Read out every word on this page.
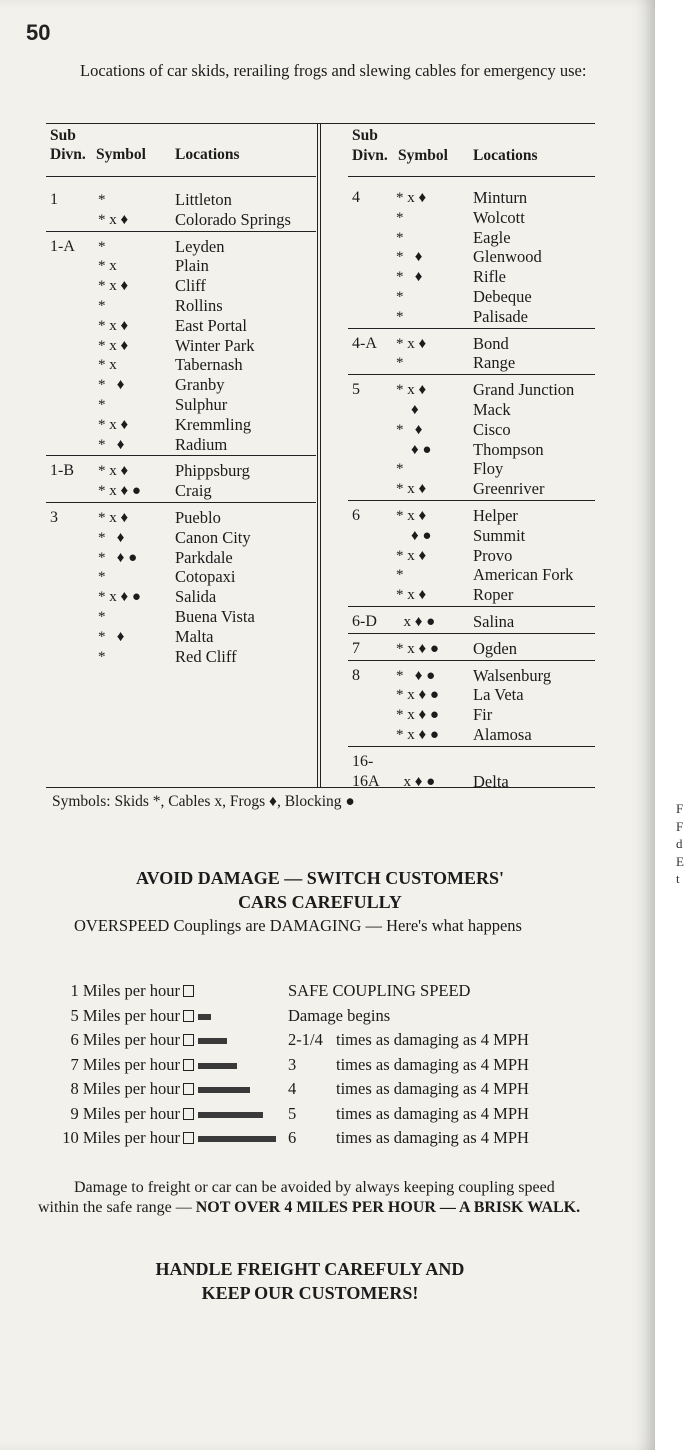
50

Locations of car skids, rerailing frogs and slewing cables for emergency use:

Sub
Divn. Symbol Locations
1	*	Littleton
* x ♦	Colorado Springs
1-A *	Leyden
* x	Plain
* x ♦	Cliff
*	Rollins
* x ♦	East Portal
* x ♦	Winter Park
* x	Tabernash
*   ♦	Granby
*	Sulphur
* x ♦	Kremmling
*   ♦	Radium
1-B * x ♦	Phippsburg
* x ♦ ●	Craig
3	* x ♦	Pueblo
*   ♦	Canon City
*   ♦ ●	Parkdale
*	Cotopaxi
* x ♦ ●	Salida
*	Buena Vista
*   ♦	Malta
*	Red Cliff
Sub
Divn. Symbol Locations
4 * x ♦	Minturn
*	Wolcott
*	Eagle
*   ♦	Glenwood
*   ♦	Rifle
*	Debeque
*	Palisade
4-A * x ♦	Bond
*	Range
5 * x ♦	Grand Junction
♦	Mack
*   ♦	Cisco
♦ ●	Thompson
*	Floy
* x ♦	Greenriver
6 * x ♦	Helper
♦ ●	Summit
* x ♦	Provo
*	American Fork
* x ♦	Roper
6-D x ♦ ●	Salina
7 * x ♦ ●	Ogden
8 *   ♦ ●	Walsenburg
* x ♦ ●	La Veta
* x ♦ ●	Fir
* x ♦ ●	Alamosa
16-
16A x ♦ ●	Delta
Symbols: Skids *, Cables x, Frogs ♦, Blocking ●
AVOID DAMAGE — SWITCH CUSTOMERS'
CARS CAREFULLY

OVERSPEED Couplings are DAMAGING — Here's what happens

1 Miles per hour	SAFE COUPLING SPEED
5 Miles per hour	Damage begins
6 Miles per hour	2-1/4 times as damaging as 4 MPH
7 Miles per hour	3 times as damaging as 4 MPH
8 Miles per hour	4 times as damaging as 4 MPH
9 Miles per hour	5 times as damaging as 4 MPH
10 Miles per hour	6 times as damaging as 4 MPH

Damage to freight or car can be avoided by always keeping coupling speed within the safe range — NOT OVER 4 MILES PER HOUR — A BRISK WALK.

HANDLE FREIGHT CAREFULY AND
KEEP OUR CUSTOMERS!
F
F
d
E
t
